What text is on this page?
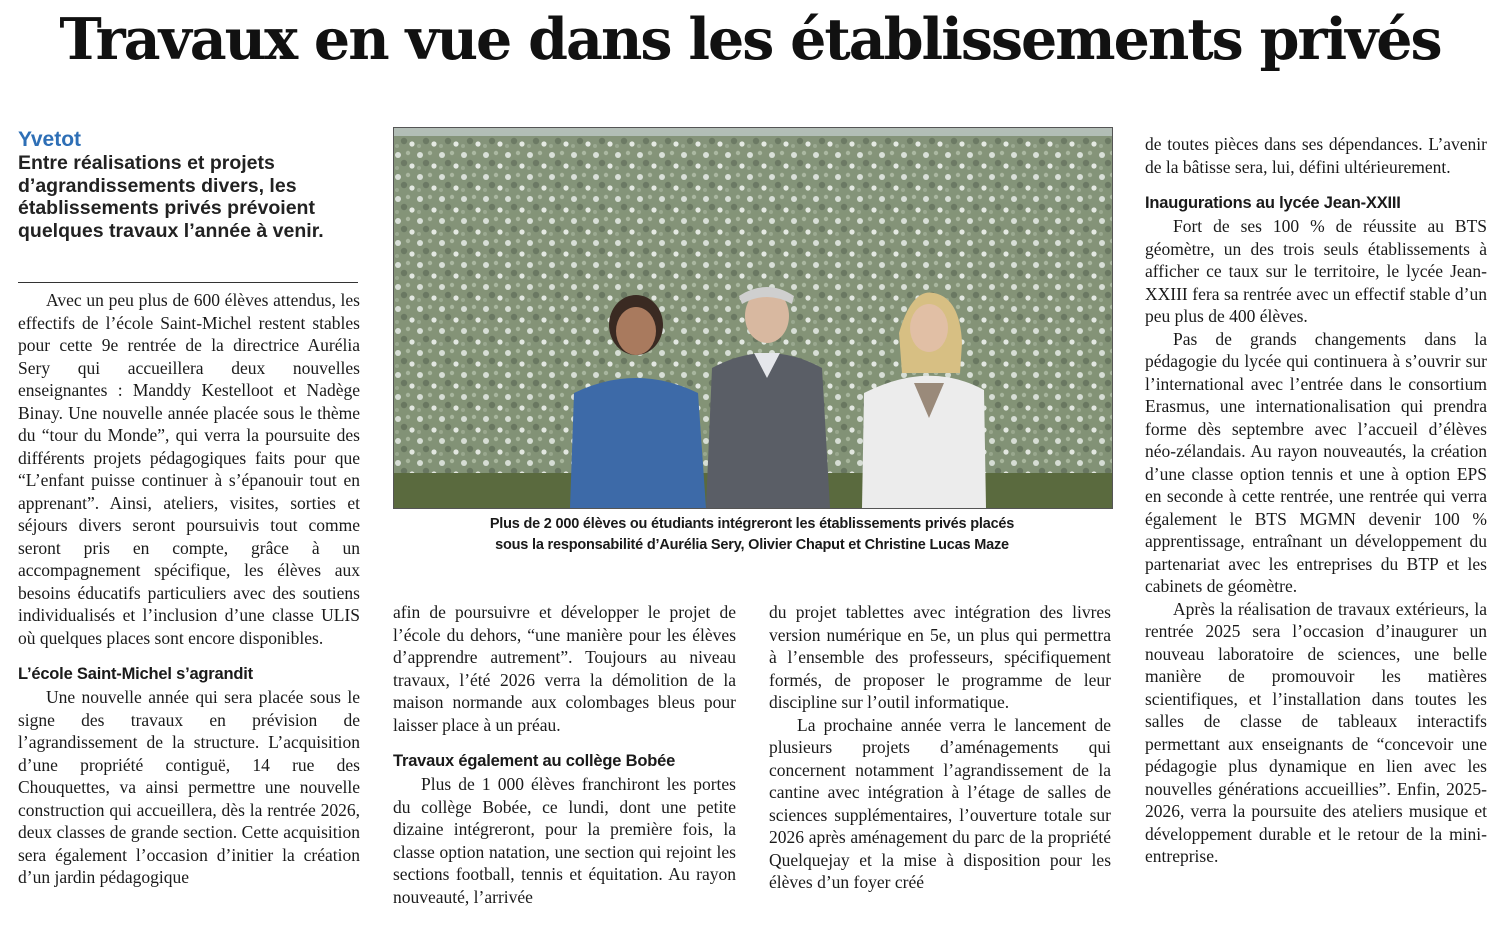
Travaux en vue dans les établissements privés
Yvetot

Entre réalisations et projets d’agrandissements divers, les établissements privés prévoient quelques travaux l’année à venir.

Plus de 2 000 élèves ou étudiants intégreront les établissements privés placés
sous la responsabilité d’Aurélia Sery, Olivier Chaput et Christine Lucas Maze

Avec un peu plus de 600 élèves attendus, les effectifs de l’école Saint-Michel restent stables pour cette 9e rentrée de la directrice Aurélia Sery qui accueillera deux nouvelles enseignantes : Manddy Kestelloot et Nadège Binay. Une nouvelle année placée sous le thème du “tour du Monde”, qui verra la poursuite des différents projets pédagogiques faits pour que “L’enfant puisse continuer à s’épanouir tout en apprenant”. Ainsi, ateliers, visites, sorties et séjours divers seront poursuivis tout comme seront pris en compte, grâce à un accompagnement spécifique, les élèves aux besoins éducatifs particuliers avec des soutiens individualisés et l’inclusion d’une classe ULIS où quelques places sont encore disponibles.

L’école Saint-Michel s’agrandit

Une nouvelle année qui sera placée sous le signe des travaux en prévision de l’agrandissement de la structure. L’acquisition d’une propriété contiguë, 14 rue des Chouquettes, va ainsi permettre une nouvelle construction qui accueillera, dès la rentrée 2026, deux classes de grande section. Cette acquisition sera également l’occasion d’initier la création d’un jardin pédagogique

afin de poursuivre et développer le projet de l’école du dehors, “une manière pour les élèves d’apprendre autrement”. Toujours au niveau travaux, l’été 2026 verra la démolition de la maison normande aux colombages bleus pour laisser place à un préau.

Travaux également au collège Bobée

Plus de 1 000 élèves franchiront les portes du collège Bobée, ce lundi, dont une petite dizaine intégreront, pour la première fois, la classe option natation, une section qui rejoint les sections football, tennis et équitation. Au rayon nouveauté, l’arrivée

du projet tablettes avec intégration des livres version numérique en 5e, un plus qui permettra à l’ensemble des professeurs, spécifiquement formés, de proposer le programme de leur discipline sur l’outil informatique.

La prochaine année verra le lancement de plusieurs projets d’aménagements qui concernent notamment l’agrandissement de la cantine avec intégration à l’étage de salles de sciences supplémentaires, l’ouverture totale sur 2026 après aménagement du parc de la propriété Quelquejay et la mise à disposition pour les élèves d’un foyer créé

de toutes pièces dans ses dépendances. L’avenir de la bâtisse sera, lui, défini ultérieurement.

Inaugurations au lycée Jean-XXIII

Fort de ses 100 % de réussite au BTS géomètre, un des trois seuls établissements à afficher ce taux sur le territoire, le lycée Jean-XXIII fera sa rentrée avec un effectif stable d’un peu plus de 400 élèves.

Pas de grands changements dans la pédagogie du lycée qui continuera à s’ouvrir sur l’international avec l’entrée dans le consortium Erasmus, une internationalisation qui prendra forme dès septembre avec l’accueil d’élèves néo-zélandais. Au rayon nouveautés, la création d’une classe option tennis et une à option EPS en seconde à cette rentrée, une rentrée qui verra également le BTS MGMN devenir 100 % apprentissage, entraînant un développement du partenariat avec les entreprises du BTP et les cabinets de géomètre.

Après la réalisation de travaux extérieurs, la rentrée 2025 sera l’occasion d’inaugurer un nouveau laboratoire de sciences, une belle manière de promouvoir les matières scientifiques, et l’installation dans toutes les salles de classe de tableaux interactifs permettant aux enseignants de “concevoir une pédagogie plus dynamique en lien avec les nouvelles générations accueillies”. Enfin, 2025-2026, verra la poursuite des ateliers musique et développement durable et le retour de la mini-entreprise.
